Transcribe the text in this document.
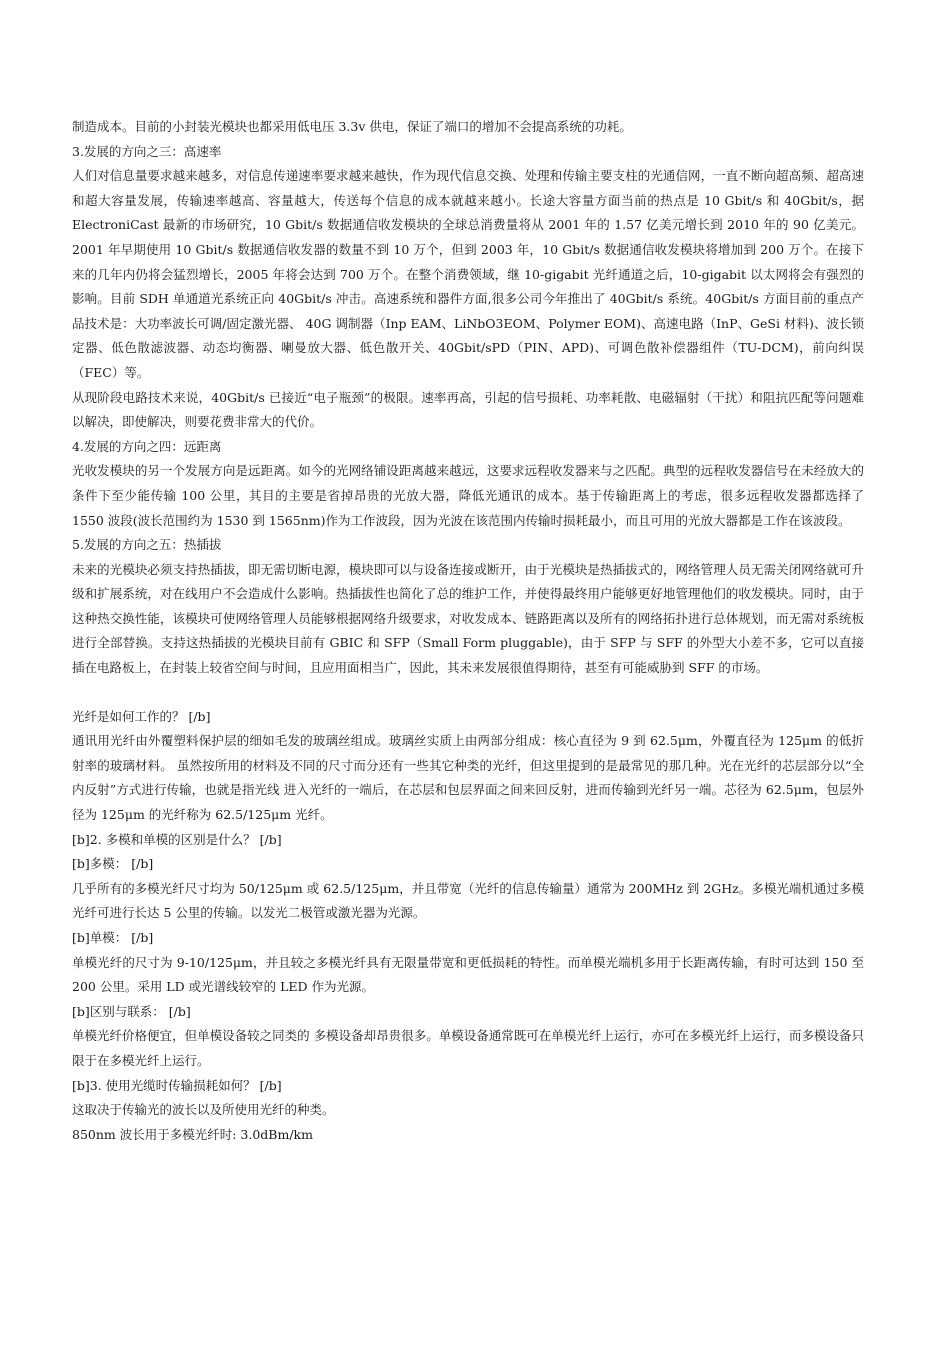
制造成本。目前的小封装光模块也都采用低电压 3.3v 供电，保证了端口的增加不会提高系统的功耗。

3.发展的方向之三：高速率

人们对信息量要求越来越多，对信息传递速率要求越来越快，作为现代信息交换、处理和传输主要支柱的光通信网，一直不断向超高频、超高速和超大容量发展，传输速率越高、容量越大，传送每个信息的成本就越来越小。长途大容量方面当前的热点是 10 Gbit/s 和 40Gbit/s，据 ElectroniCast 最新的市场研究，10 Gbit/s 数据通信收发模块的全球总消费量将从 2001 年的 1.57 亿美元增长到 2010 年的 90 亿美元。2001 年早期使用 10 Gbit/s 数据通信收发器的数量不到 10 万个，但到 2003 年，10 Gbit/s 数据通信收发模块将增加到 200 万个。在接下来的几年内仍将会猛烈增长，2005 年将会达到 700 万个。在整个消费领域，继 10-gigabit 光纤通道之后，10-gigabit 以太网将会有强烈的影响。目前 SDH 单通道光系统正向 40Gbit/s 冲击。高速系统和器件方面,很多公司今年推出了 40Gbit/s 系统。40Gbit/s 方面目前的重点产品技术是：大功率波长可调/固定激光器、 40G 调制器（Inp EAM、LiNbO3EOM、Polymer EOM)、高速电路（InP、GeSi 材料)、波长锁定器、低色散滤波器、动态均衡器、喇曼放大器、低色散开关、40Gbit/sPD（PIN、APD)、可调色散补偿器组件（TU-DCM)，前向纠误（FEC）等。

从现阶段电路技术来说，40Gbit/s 已接近“电子瓶颈”的极限。速率再高，引起的信号损耗、功率耗散、电磁辐射（干扰）和阻抗匹配等问题难以解决，即使解决，则要花费非常大的代价。

4.发展的方向之四：远距离

光收发模块的另一个发展方向是远距离。如今的光网络铺设距离越来越远，这要求远程收发器来与之匹配。典型的远程收发器信号在未经放大的条件下至少能传输 100 公里，其目的主要是省掉昂贵的光放大器，降低光通讯的成本。基于传输距离上的考虑，很多远程收发器都选择了 1550 波段(波长范围约为 1530 到 1565nm)作为工作波段，因为光波在该范围内传输时损耗最小，而且可用的光放大器都是工作在该波段。

5.发展的方向之五：热插拔

未来的光模块必须支持热插拔，即无需切断电源，模块即可以与设备连接或断开，由于光模块是热插拔式的，网络管理人员无需关闭网络就可升级和扩展系统，对在线用户不会造成什么影响。热插拔性也简化了总的维护工作，并使得最终用户能够更好地管理他们的收发模块。同时，由于这种热交换性能，该模块可使网络管理人员能够根据网络升级要求，对收发成本、链路距离以及所有的网络拓扑进行总体规划，而无需对系统板进行全部替换。支持这热插拔的光模块目前有 GBIC 和 SFP（Small Form pluggable)，由于 SFP 与 SFF 的外型大小差不多，它可以直接插在电路板上，在封装上较省空间与时间，且应用面相当广，因此，其未来发展很值得期待，甚至有可能威胁到 SFF 的市场。

光纤是如何工作的？ [/b]

通讯用光纤由外覆塑料保护层的细如毛发的玻璃丝组成。玻璃丝实质上由两部分组成：核心直径为 9 到 62.5μm，外覆直径为 125μm 的低折射率的玻璃材料。 虽然按所用的材料及不同的尺寸而分还有一些其它种类的光纤，但这里提到的是最常见的那几种。光在光纤的芯层部分以“全内反射”方式进行传输，也就是指光线 进入光纤的一端后，在芯层和包层界面之间来回反射，进而传输到光纤另一端。芯径为 62.5μm，包层外径为 125μm 的光纤称为 62.5/125μm 光纤。

[b]2. 多模和单模的区别是什么？ [/b]

[b]多模： [/b]

几乎所有的多模光纤尺寸均为 50/125μm 或 62.5/125μm，并且带宽（光纤的信息传输量）通常为 200MHz 到 2GHz。多模光端机通过多模光纤可进行长达 5 公里的传输。以发光二极管或激光器为光源。

[b]单模： [/b]

单模光纤的尺寸为 9-10/125μm，并且较之多模光纤具有无限量带宽和更低损耗的特性。而单模光端机多用于长距离传输，有时可达到 150 至 200 公里。采用 LD 或光谱线较窄的 LED 作为光源。

[b]区别与联系： [/b]

单模光纤价格便宜，但单模设备较之同类的 多模设备却昂贵很多。单模设备通常既可在单模光纤上运行，亦可在多模光纤上运行，而多模设备只限于在多模光纤上运行。

[b]3. 使用光缆时传输损耗如何？ [/b]

这取决于传输光的波长以及所使用光纤的种类。

850nm 波长用于多模光纤时: 3.0dBm/km
